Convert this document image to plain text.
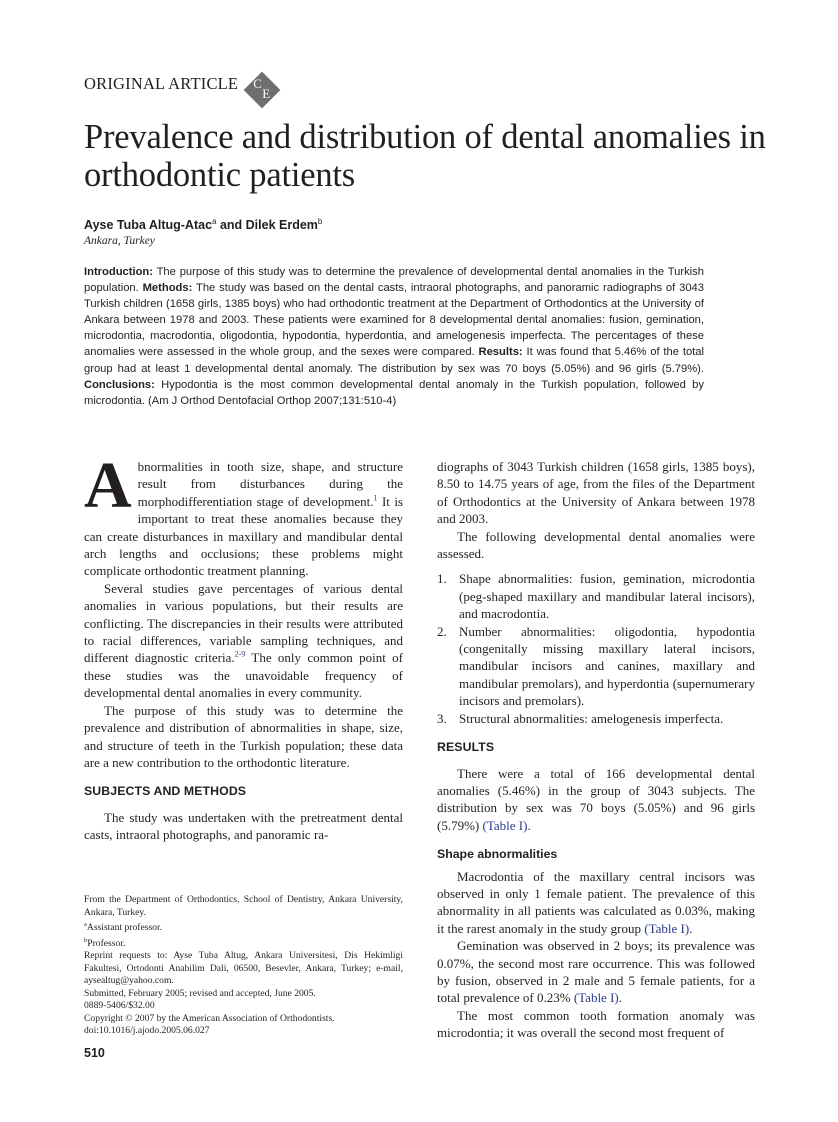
ORIGINAL ARTICLE C
E
Prevalence and distribution of dental anomalies in orthodontic patients
Ayse Tuba Altug-Atac$^a$ and Dilek Erdem$^b$
Ankara, Turkey
Introduction: The purpose of this study was to determine the prevalence of developmental dental anomalies in the Turkish population. Methods: The study was based on the dental casts, intraoral photographs, and panoramic radiographs of 3043 Turkish children (1658 girls, 1385 boys) who had orthodontic treatment at the Department of Orthodontics at the University of Ankara between 1978 and 2003. These patients were examined for 8 developmental dental anomalies: fusion, gemination, microdontia, macrodontia, oligodontia, hypodontia, hyperdontia, and amelogenesis imperfecta. The percentages of these anomalies were assessed in the whole group, and the sexes were compared. Results: It was found that 5.46% of the total group had at least 1 developmental dental anomaly. The distribution by sex was 70 boys (5.05%) and 96 girls (5.79%). Conclusions: Hypodontia is the most common developmental dental anomaly in the Turkish population, followed by microdontia. (Am J Orthod Dentofacial Orthop 2007;131:510-4)

Abnormalities in tooth size, shape, and structure result from disturbances during the morphodifferentiation stage of development.$^1$ It is important to treat these anomalies because they can create disturbances in maxillary and mandibular dental arch lengths and occlusions; these problems might complicate orthodontic treatment planning.

Several studies gave percentages of various dental anomalies in various populations, but their results are conflicting. The discrepancies in their results were attributed to racial differences, variable sampling techniques, and different diagnostic criteria.$^{2-9}$ The only common point of these studies was the unavoidable frequency of developmental dental anomalies in every community.

The purpose of this study was to determine the prevalence and distribution of abnormalities in shape, size, and structure of teeth in the Turkish population; these data are a new contribution to the orthodontic literature.

SUBJECTS AND METHODS

The study was undertaken with the pretreatment dental casts, intraoral photographs, and panoramic ra-

diographs of 3043 Turkish children (1658 girls, 1385 boys), 8.50 to 14.75 years of age, from the files of the Department of Orthodontics at the University of Ankara between 1978 and 2003.

The following developmental dental anomalies were assessed.

1. Shape abnormalities: fusion, gemination, microdontia (peg-shaped maxillary and mandibular lateral incisors), and macrodontia.
2. Number abnormalities: oligodontia, hypodontia (congenitally missing maxillary lateral incisors, mandibular incisors and canines, maxillary and mandibular premolars), and hyperdontia (supernumerary incisors and premolars).
3. Structural abnormalities: amelogenesis imperfecta.
RESULTS

There were a total of 166 developmental dental anomalies (5.46%) in the group of 3043 subjects. The distribution by sex was 70 boys (5.05%) and 96 girls (5.79%) (Table I).

Shape abnormalities

Macrodontia of the maxillary central incisors was observed in only 1 female patient. The prevalence of this abnormality in all patients was calculated as 0.03%, making it the rarest anomaly in the study group (Table I).

Gemination was observed in 2 boys; its prevalence was 0.07%, the second most rare occurrence. This was followed by fusion, observed in 2 male and 5 female patients, for a total prevalence of 0.23% (Table I).

The most common tooth formation anomaly was microdontia; it was overall the second most frequent of

From the Department of Orthodontics, School of Dentistry, Ankara University, Ankara, Turkey.
$^a$Assistant professor.
$^b$Professor.
Reprint requests to: Ayse Tuba Altug, Ankara Universitesi, Dis Hekimligi Fakultesi, Ortodonti Anabilim Dali, 06500, Besevler, Ankara, Turkey; e-mail, aysealtug@yahoo.com.
Submitted, February 2005; revised and accepted, June 2005.
0889-5406/$32.00
Copyright © 2007 by the American Association of Orthodontists.
doi:10.1016/j.ajodo.2005.06.027
510
